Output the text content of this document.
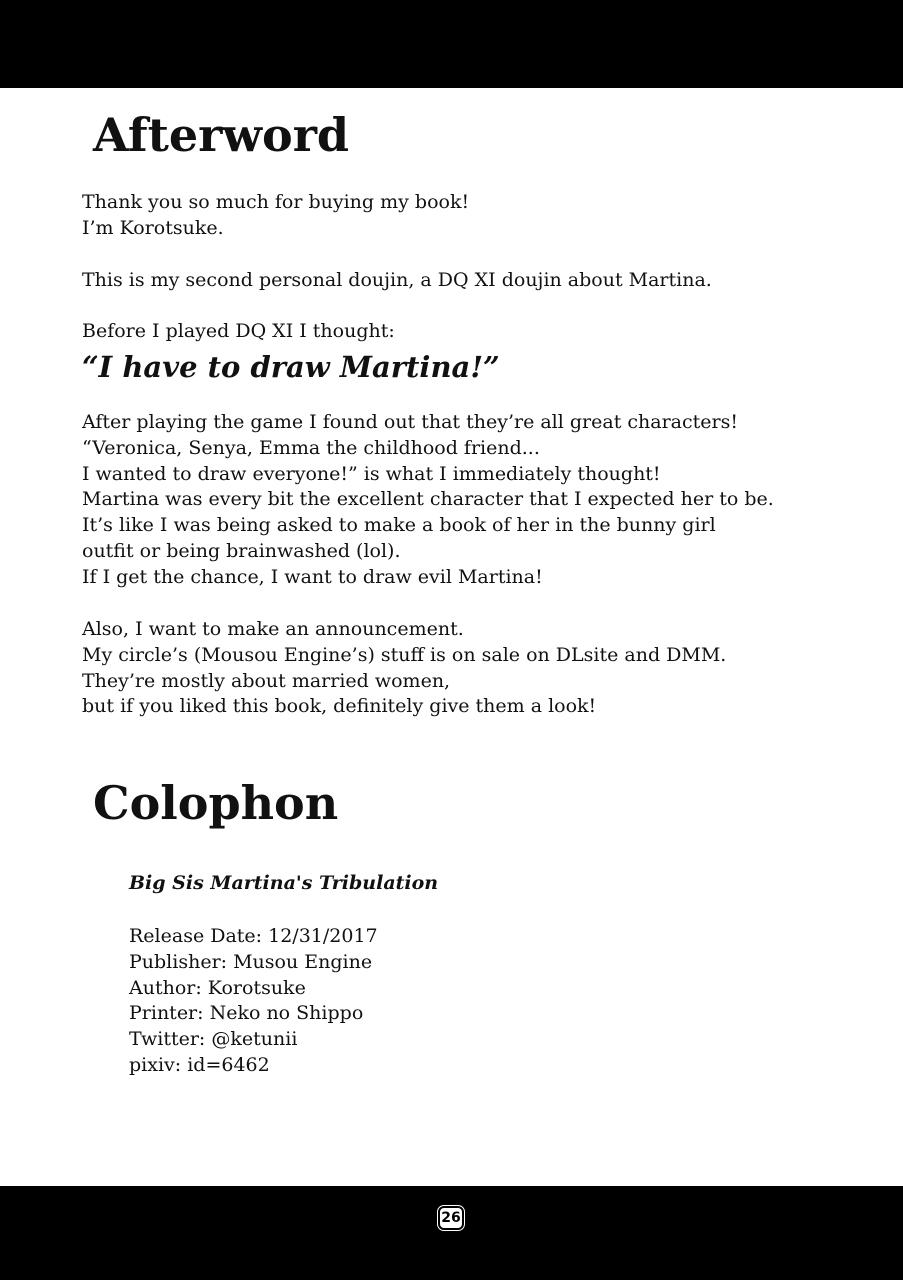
Afterword
Thank you so much for buying my book!
I’m Korotsuke.
This is my second personal doujin, a DQ XI doujin about Martina.
Before I played DQ XI I thought:
“I have to draw Martina!”
After playing the game I found out that they’re all great characters!
“Veronica, Senya, Emma the childhood friend...
I wanted to draw everyone!” is what I immediately thought!
Martina was every bit the excellent character that I expected her to be.
It’s like I was being asked to make a book of her in the bunny girl
outfit or being brainwashed (lol).
If I get the chance, I want to draw evil Martina!
Also, I want to make an announcement.
My circle’s (Mousou Engine’s) stuff is on sale on DLsite and DMM.
They’re mostly about married women,
but if you liked this book, definitely give them a look!
Colophon
Big Sis Martina's Tribulation
Release Date: 12/31/2017
Publisher: Musou Engine
Author: Korotsuke
Printer: Neko no Shippo
Twitter: @ketunii
pixiv: id=6462
26
